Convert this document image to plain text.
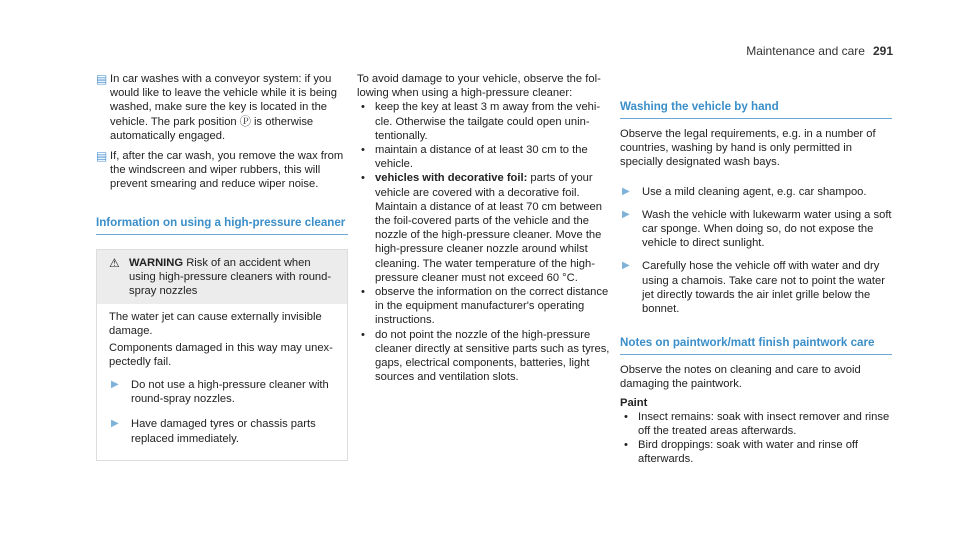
Maintenance and care 291
▤ In car washes with a conveyor system: if you would like to leave the vehicle while it is being washed, make sure the key is located in the vehicle. The park position Ⓟ is otherwise automatically engaged.

▤ If, after the car wash, you remove the wax from the windscreen and wiper rubbers, this will prevent smearing and reduce wiper noise.

Information on using a high-pressure cleaner
⚠ WARNING Risk of an accident when using high-pressure cleaners with round-spray nozzles

The water jet can cause externally invisible damage.

Components damaged in this way may unexpectedly fail.

▶	Do not use a high-pressure cleaner with round-spray nozzles.

▶	Have damaged tyres or chassis parts replaced immediately.

To avoid damage to your vehicle, observe the following when using a high-pressure cleaner:

• keep the key at least 3 m away from the vehicle. Otherwise the tailgate could open unintentionally.

• maintain a distance of at least 30 cm to the vehicle.

• vehicles with decorative foil: parts of your vehicle are covered with a decorative foil. Maintain a distance of at least 70 cm between the foil-covered parts of the vehicle and the nozzle of the high-pressure cleaner. Move the high-pressure cleaner nozzle around whilst cleaning. The water temperature of the high-pressure cleaner must not exceed 60 °C.

• observe the information on the correct distance in the equipment manufacturer's operating instructions.

• do not point the nozzle of the high-pressure cleaner directly at sensitive parts such as tyres, gaps, electrical components, batteries, light sources and ventilation slots.

Washing the vehicle by hand

Observe the legal requirements, e.g. in a number of countries, washing by hand is only permitted in specially designated wash bays.

▶	Use a mild cleaning agent, e.g. car shampoo.

▶	Wash the vehicle with lukewarm water using a soft car sponge. When doing so, do not expose the vehicle to direct sunlight.

▶	Carefully hose the vehicle off with water and dry using a chamois. Take care not to point the water jet directly towards the air inlet grille below the bonnet.

Notes on paintwork/matt finish paintwork care

Observe the notes on cleaning and care to avoid damaging the paintwork.

Paint

• Insect remains: soak with insect remover and rinse off the treated areas afterwards.

• Bird droppings: soak with water and rinse off afterwards.
